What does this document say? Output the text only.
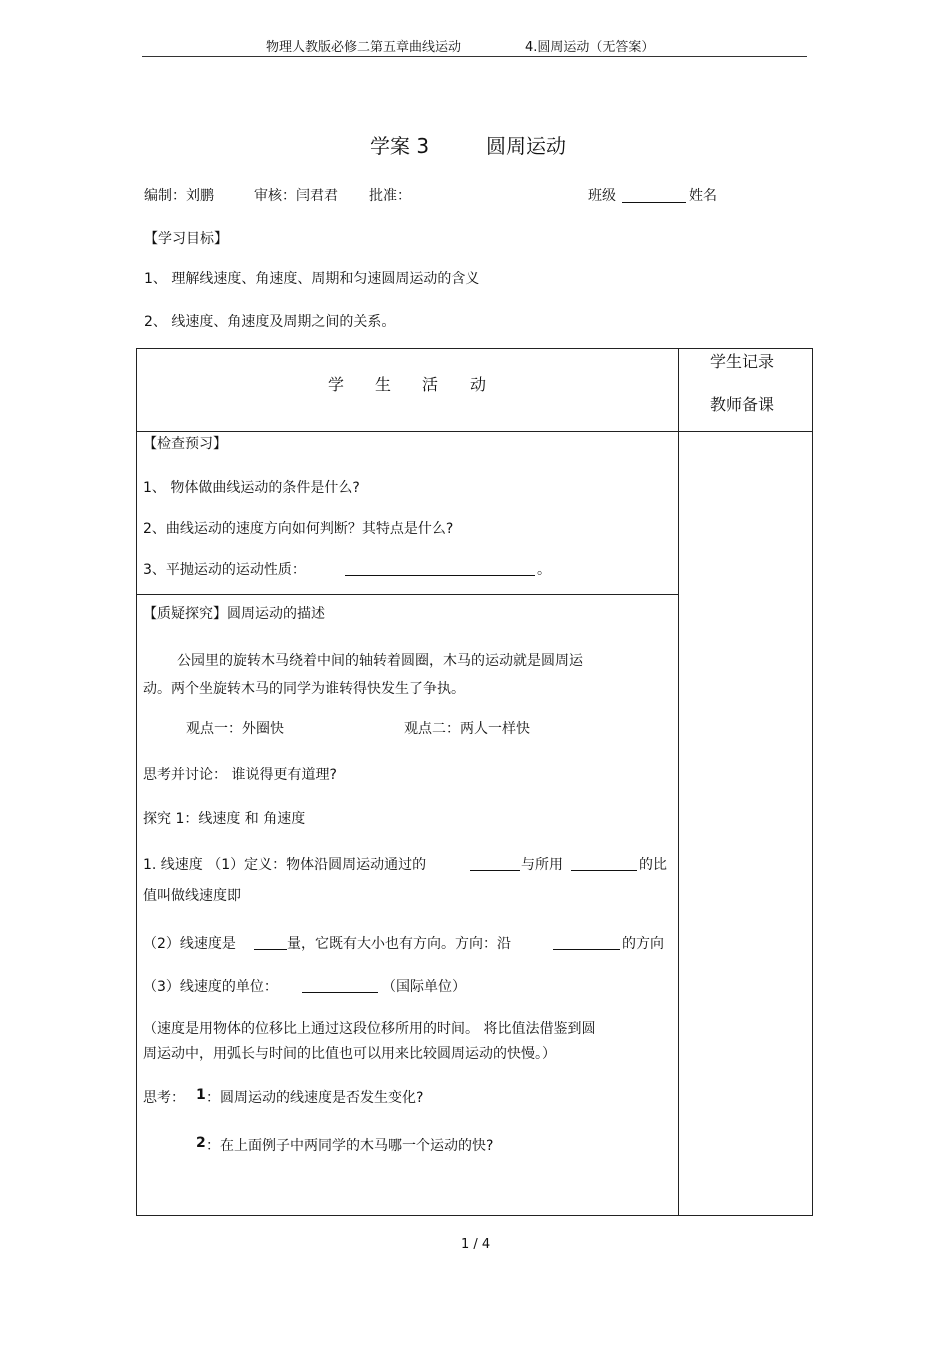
物理人教版必修二第五章曲线运动	4.圆周运动（无答案）
学案 3	圆周运动
编制：刘鹏	审核：闫君君 批准：	班级	姓名
【学习目标】
1、 理解线速度、角速度、周期和匀速圆周运动的含义
2、 线速度、角速度及周期之间的关系。
学 生 活 动
学生记录
教师备课
【检查预习】
1、 物体做曲线运动的条件是什么?
2、曲线运动的速度方向如何判断？其特点是什么?
3、平抛运动的运动性质：	。
【质疑探究】圆周运动的描述
公园里的旋转木马绕着中间的轴转着圆圈，木马的运动就是圆周运
动。两个坐旋转木马的同学为谁转得快发生了争执。
观点一：外圈快	观点二：两人一样快
思考并讨论： 谁说得更有道理?
探究 1：线速度 和 角速度
1. 线速度 （1）定义：物体沿圆周运动通过的	与所用	的比
值叫做线速度即
（2）线速度是	量，它既有大小也有方向。方向：沿	的方向
（3）线速度的单位：	（国际单位）
（速度是用物体的位移比上通过这段位移所用的时间。 将比值法借鉴到圆
周运动中，用弧长与时间的比值也可以用来比较圆周运动的快慢。）
思考： 1 ：圆周运动的线速度是否发生变化?
2 ：在上面例子中两同学的木马哪一个运动的快?
1 / 4
